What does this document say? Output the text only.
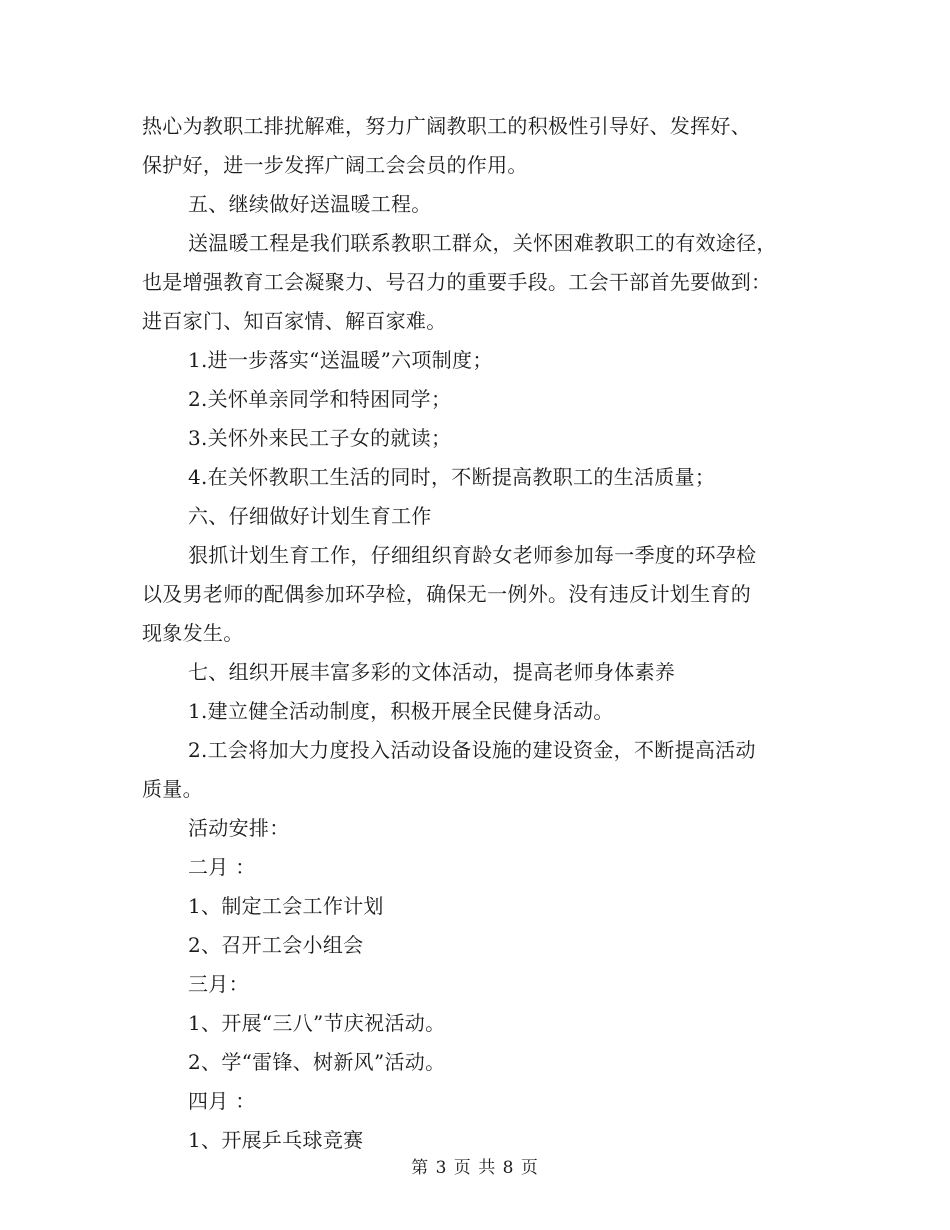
热心为教职工排扰解难，努力广阔教职工的积极性引导好、发挥好、
保护好，进一步发挥广阔工会会员的作用。
五、继续做好送温暖工程。
送温暖工程是我们联系教职工群众，关怀困难教职工的有效途径，
也是增强教育工会凝聚力、号召力的重要手段。工会干部首先要做到：
进百家门、知百家情、解百家难。
1.进一步落实“送温暖”六项制度；
2.关怀单亲同学和特困同学；
3.关怀外来民工子女的就读；
4.在关怀教职工生活的同时，不断提高教职工的生活质量；
六、仔细做好计划生育工作
狠抓计划生育工作，仔细组织育龄女老师参加每一季度的环孕检
以及男老师的配偶参加环孕检，确保无一例外。没有违反计划生育的
现象发生。
七、组织开展丰富多彩的文体活动，提高老师身体素养
1.建立健全活动制度，积极开展全民健身活动。
2.工会将加大力度投入活动设备设施的建设资金，不断提高活动
质量。
活动安排：
二月 ：
1、制定工会工作计划
2、召开工会小组会
三月：
1、开展“三八”节庆祝活动。
2、学“雷锋、树新风”活动。
四月 ：
1、开展乒乓球竞赛
第 3 页 共 8 页
